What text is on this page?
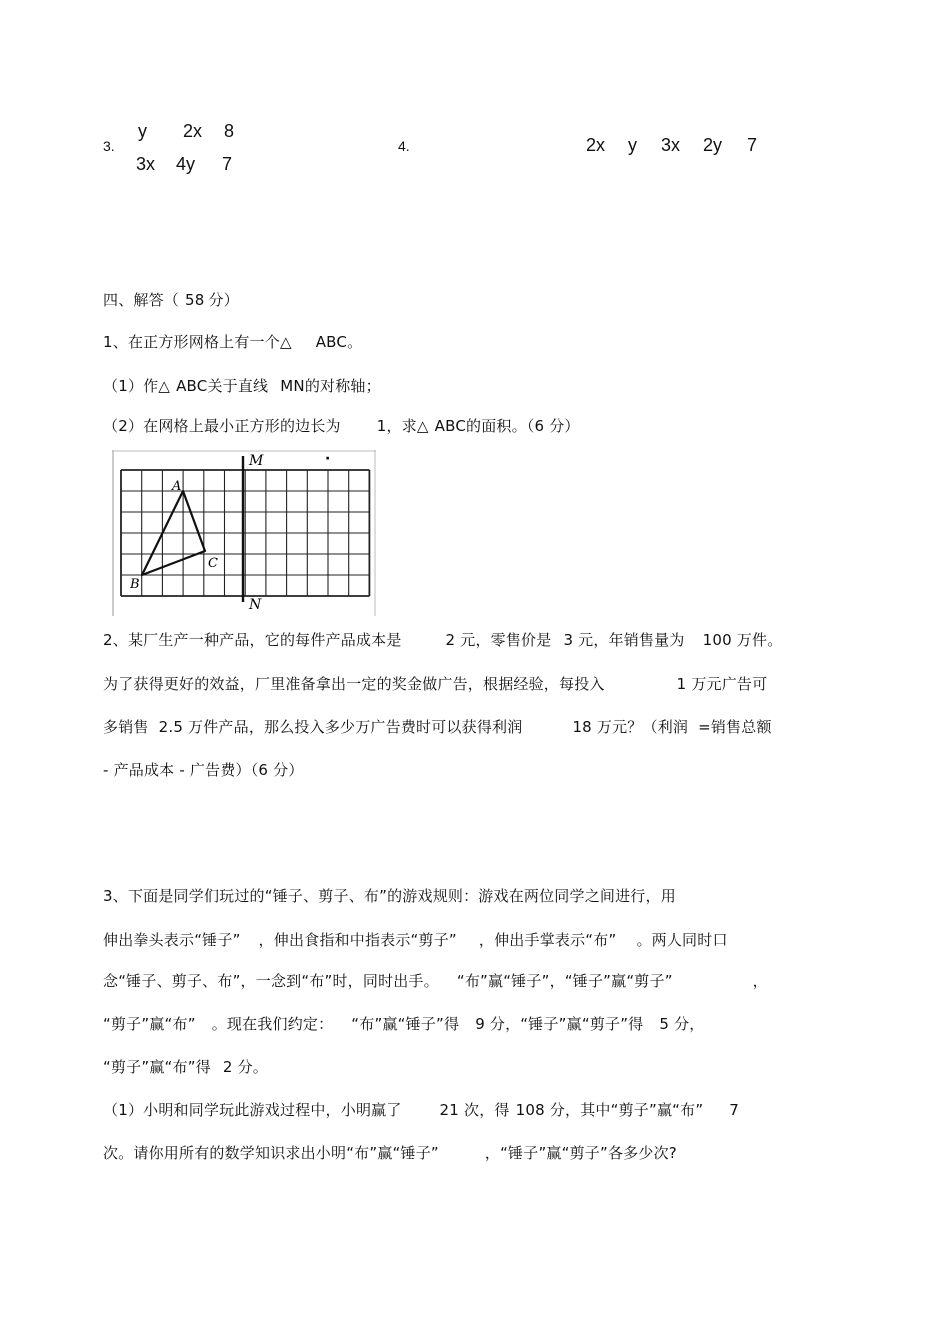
3.
y 2x 8
3x 4y 7
4.	2x y 3x 2y 7
四、解答（ 58 分）
1、在正方形网格上有一个△ ABC。
（1）作△ ABC关于直线 MN的对称轴；
（2）在网格上最小正方形的边长为 1，求△ ABC的面积。（6 分）
M
N
A
B
C
·
2、某厂生产一种产品，它的每件产品成本是	2 元，零售价是 3 元，年销售量为 100 万件。
为了获得更好的效益，厂里准备拿出一定的奖金做广告，根据经验，每投入	1 万元广告可
多销售 2.5 万件产品，那么投入多少万广告费时可以获得利润	18 万元？（利润 =销售总额
- 产品成本 - 广告费）（6 分）
3、下面是同学们玩过的“锤子、剪子、布”的游戏规则：游戏在两位同学之间进行，用
伸出拳头表示“锤子” ，伸出食指和中指表示“剪子” ，伸出手掌表示“布” 。两人同时口
念“锤子、剪子、布”，一念到“布”时，同时出手。 “布”赢“锤子”，“锤子”赢“剪子”	，
“剪子”赢“布” 。现在我们约定： “布”赢“锤子”得 9 分，“锤子”赢“剪子”得 5 分，
“剪子”赢“布”得 2 分。
（1）小明和同学玩此游戏过程中，小明赢了	21 次，得 108 分，其中“剪子”赢“布” 7
次。请你用所有的数学知识求出小明“布”赢“锤子”	，“锤子”赢“剪子”各多少次?
